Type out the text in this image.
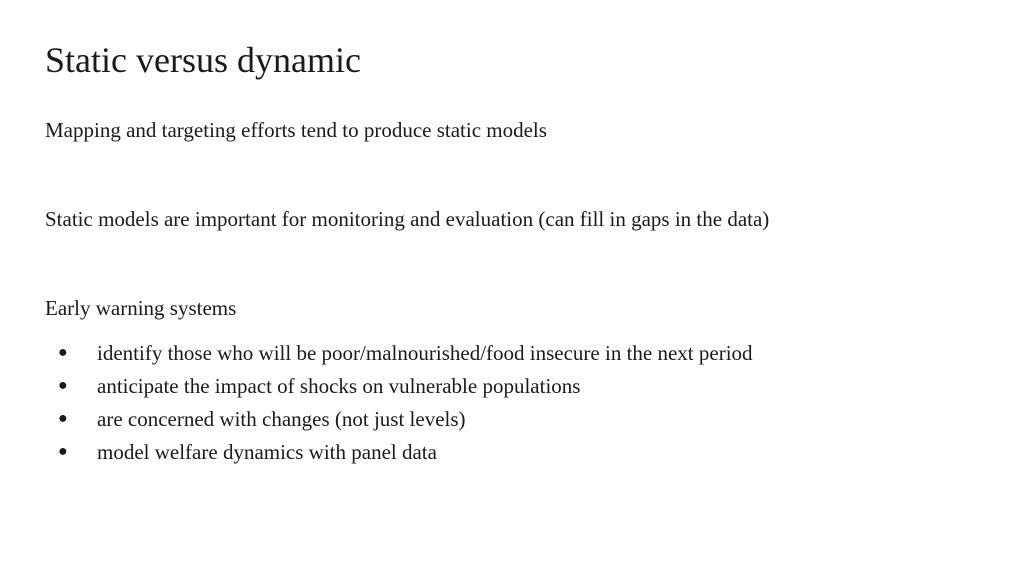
Static versus dynamic

Mapping and targeting efforts tend to produce static models

Static models are important for monitoring and evaluation (can fill in gaps in the data)

Early warning systems

● identify those who will be poor/malnourished/food insecure in the next period
● anticipate the impact of shocks on vulnerable populations
● are concerned with changes (not just levels)
● model welfare dynamics with panel data
